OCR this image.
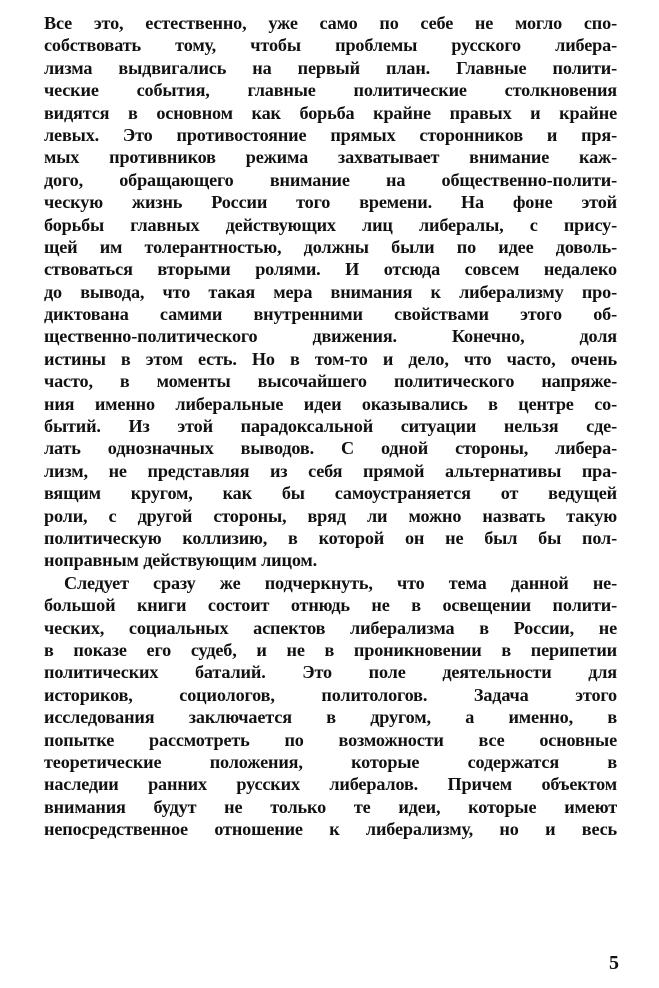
Все это, естественно, уже само по себе не могло спо-
собствовать тому, чтобы проблемы русского либера-
лизма выдвигались на первый план. Главные полити-
ческие события, главные политические столкновения
видятся в основном как борьба крайне правых и крайне
левых. Это противостояние прямых сторонников и пря-
мых противников режима захватывает внимание каж-
дого, обращающего внимание на общественно-полити-
ческую жизнь России того времени. На фоне этой
борьбы главных действующих лиц либералы, с прису-
щей им толерантностью, должны были по идее доволь-
ствоваться вторыми ролями. И отсюда совсем недалеко
до вывода, что такая мера внимания к либерализму про-
диктована самими внутренними свойствами этого об-
щественно-политического движения. Конечно, доля
истины в этом есть. Но в том-то и дело, что часто, очень
часто, в моменты высочайшего политического напряже-
ния именно либеральные идеи оказывались в центре со-
бытий. Из этой парадоксальной ситуации нельзя сде-
лать однозначных выводов. С одной стороны, либера-
лизм, не представляя из себя прямой альтернативы пра-
вящим кругом, как бы самоустраняется от ведущей
роли, с другой стороны, вряд ли можно назвать такую
политическую коллизию, в которой он не был бы пол-
ноправным действующим лицом.
Следует сразу же подчеркнуть, что тема данной не-
большой книги состоит отнюдь не в освещении полити-
ческих, социальных аспектов либерализма в России, не
в показе его судеб, и не в проникновении в перипетии
политических баталий. Это поле деятельности для
историков, социологов, политологов. Задача этого
исследования заключается в другом, а именно, в
попытке рассмотреть по возможности все основные
теоретические положения, которые содержатся в
наследии ранних русских либералов. Причем объектом
внимания будут не только те идеи, которые имеют
непосредственное отношение к либерализму, но и весь
5
